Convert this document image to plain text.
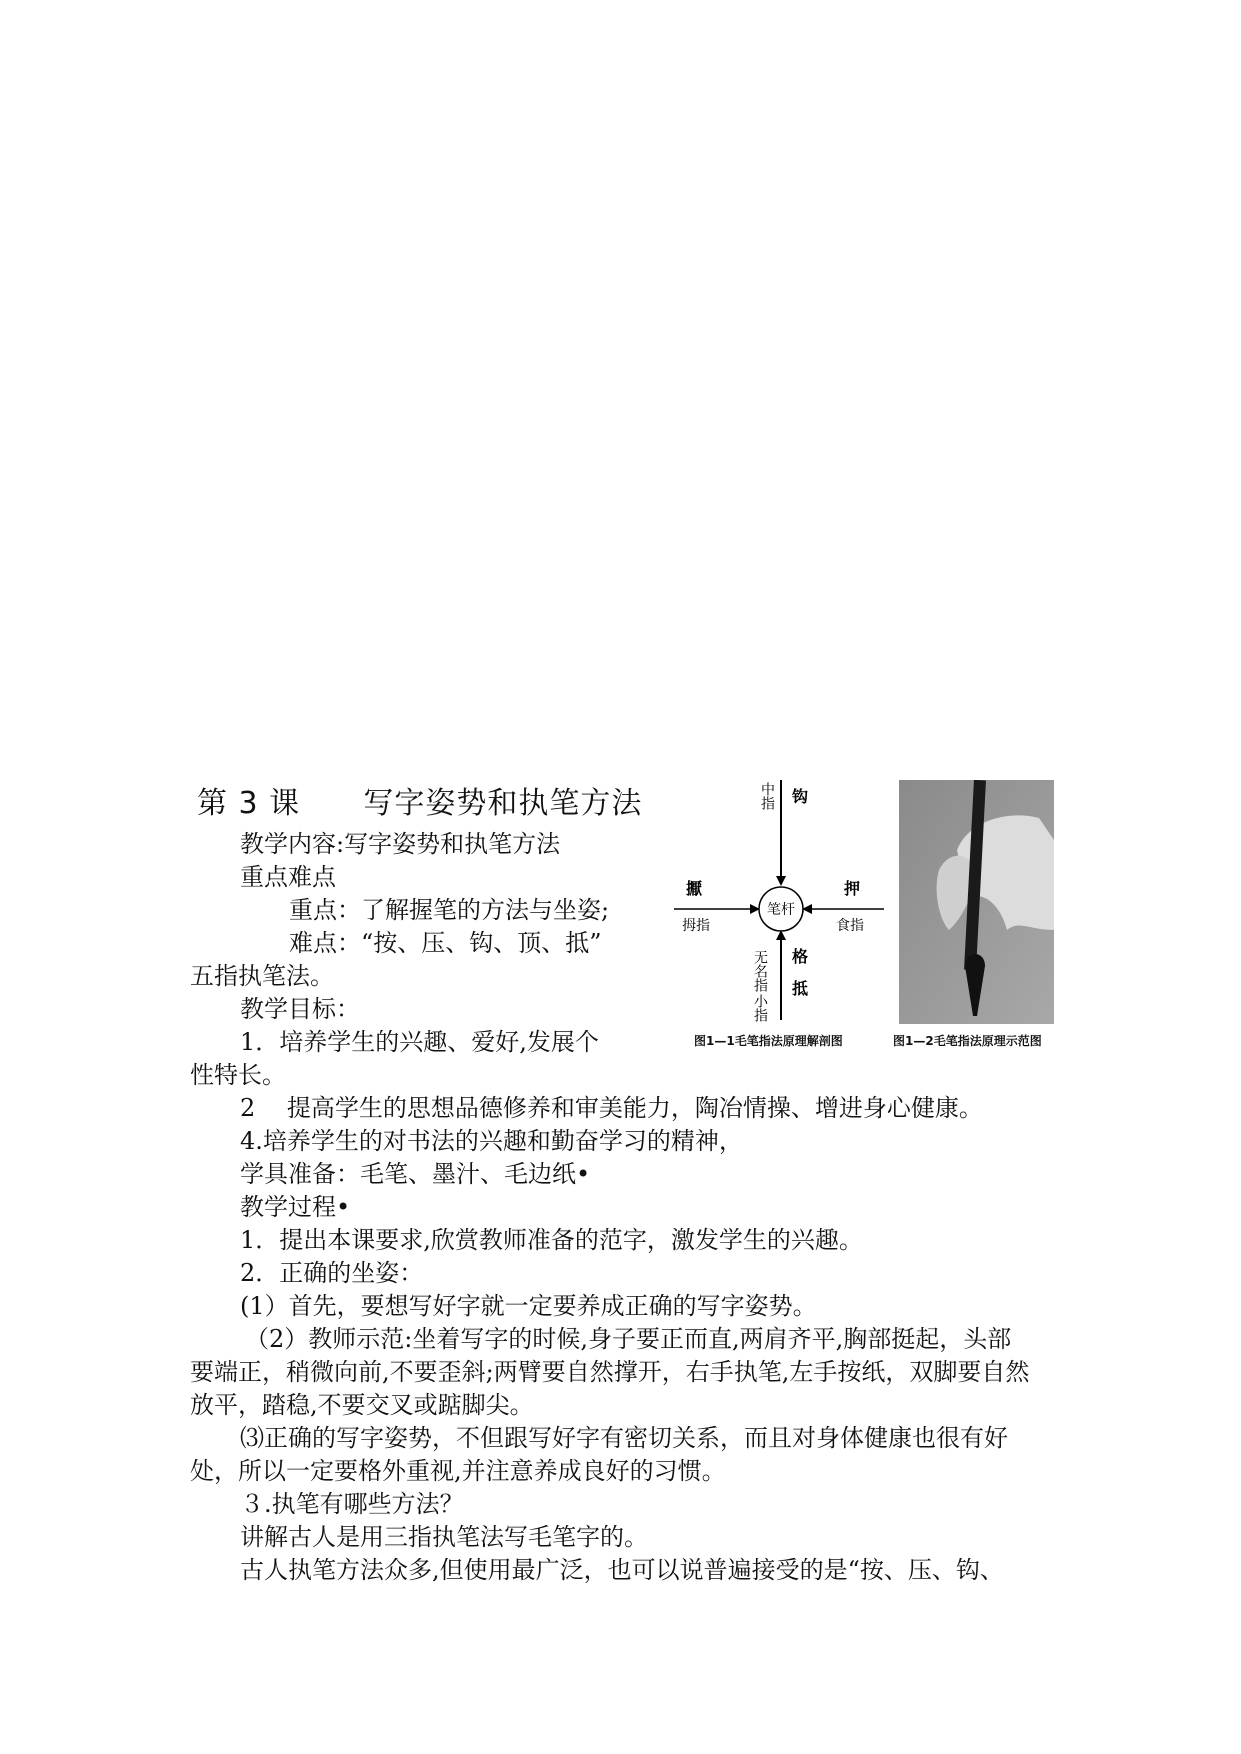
第 3 课 写字姿势和执笔方法
教学内容:写字姿势和执笔方法
重点难点
重点：了解握笔的方法与坐姿;
难点：“按、压、钩、顶、抵”
五指执笔法。
教学目标：
1．培养学生的兴趣、爱好,发展个
性特长。
2　 提高学生的思想品德修养和审美能力，陶冶情操、增进身心健康。
4.培养学生的对书法的兴趣和勤奋学习的精神，
学具准备：毛笔、墨汁、毛边纸•
教学过程•
1．提出本课要求,欣赏教师准备的范字，激发学生的兴趣。
2．正确的坐姿：
(1）首先，要想写好字就一定要养成正确的写字姿势。
（2）教师示范:坐着写字的时候,身子要正而直,两肩齐平,胸部挺起，头部
要端正，稍微向前,不要歪斜;两臂要自然撑开，右手执笔,左手按纸，双脚要自然
放平，踏稳,不要交叉或踮脚尖。
⑶正确的写字姿势，不但跟写好字有密切关系，而且对身体健康也很有好
处，所以一定要格外重视,并注意养成良好的习惯。
３.执笔有哪些方法？
讲解古人是用三指执笔法写毛笔字的。
古人执笔方法众多,但使用最广泛，也可以说普遍接受的是“按、压、钩、
笔杆
中指 钩
擫
拇指
押
食指
无名指
小指
格
抵
图1—1毛笔指法原理解剖图	图1—2毛笔指法原理示范图
